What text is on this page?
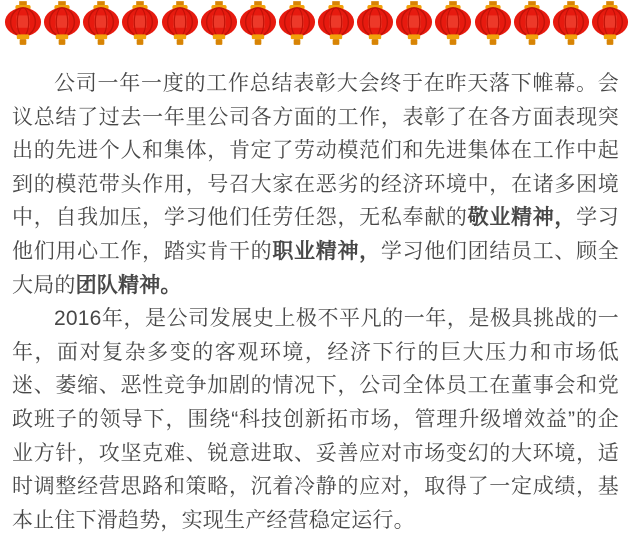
公司一年一度的工作总结表彰大会终于在昨天落下帷幕。会议总结了过去一年里公司各方面的工作，表彰了在各方面表现突出的先进个人和集体，肯定了劳动模范们和先进集体在工作中起到的模范带头作用，号召大家在恶劣的经济环境中，在诸多困境中，自我加压，学习他们任劳任怨，无私奉献的敬业精神，学习他们用心工作，踏实肯干的职业精神，学习他们团结员工、顾全大局的团队精神。

2016年，是公司发展史上极不平凡的一年，是极具挑战的一年，面对复杂多变的客观环境，经济下行的巨大压力和市场低迷、萎缩、恶性竞争加剧的情况下，公司全体员工在董事会和党政班子的领导下，围绕“科技创新拓市场，管理升级增效益”的企业方针，攻坚克难、锐意进取、妥善应对市场变幻的大环境，适时调整经营思路和策略，沉着冷静的应对，取得了一定成绩，基本止住下滑趋势，实现生产经营稳定运行。
